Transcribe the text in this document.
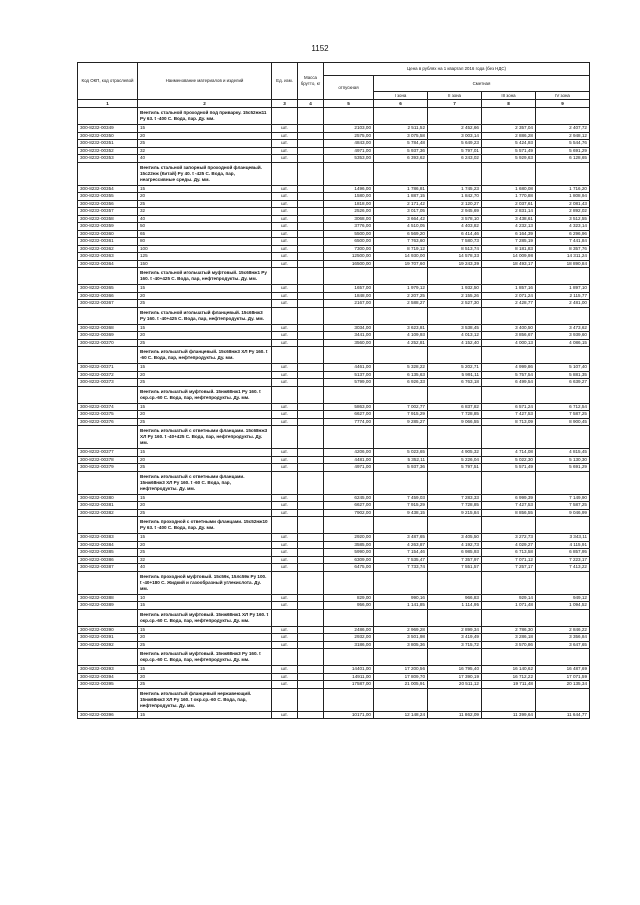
1152
Код ОКП, код отраслевой	Наименование материалов и изделий	Ед. изм.	Масса брутто, кг	Цена в рублях на 1 квартал 2016 года (без НДС)				
				отпускная	Сметная			
					I зона	II зона	III зона	IV зона
1	2	3	4	5	6	7	8	9
	Вентиль стальной проходной под приварку. 15с52нж11 Ру 63. t -400 С. Вода, пар. Ду. мм.							
300-8232-00349	15	шт.		2103,00	2 511,52	2 452,66	2 357,04	2 407,72
300-8232-00350	20	шт.		2575,00	3 075,58	3 003,14	2 886,28	2 948,12
300-8232-00351	25	шт.		4843,00	5 784,48	5 649,23	5 424,93	5 544,76
300-8232-00352	32	шт.		4971,00	5 937,36	5 797,01	5 571,49	5 691,29
300-8232-00353	40	шт.		5353,00	6 393,62	6 243,02	5 929,63	6 128,65
	Вентиль стальной запорный проходной фланцевый. 15с22нж (Китай) Ру 40. t -425 С. Вода, пар, неагрессивные среды. Ду. мм.							
300-8232-00354	15	шт.		1496,00	1 786,81	1 745,23	1 680,08	1 716,20
300-8232-00355	20	шт.		1580,00	1 887,15	1 842,70	1 770,88	1 808,94
300-8232-00356	25	шт.		1818,00	2 171,42	2 120,27	2 037,61	2 081,43
300-8232-00357	32	шт.		2526,00	3 017,05	2 945,69	2 831,14	2 892,02
300-8232-00358	40	шт.		3068,00	3 664,42	3 578,10	3 438,61	3 512,55
300-8232-00359	50	шт.		3776,00	4 510,05	4 403,82	4 232,13	4 323,14
300-8232-00360	65	шт.		5500,00	6 569,20	6 414,46	6 164,39	6 296,96
300-8232-00361	80	шт.		6500,00	7 763,60	7 580,73	7 285,19	7 441,84
300-8232-00362	100	шт.		7300,00	8 719,12	8 513,74	8 181,83	8 357,76
300-8232-00363	125	шт.		12500,00	14 930,00	14 578,33	14 009,98	14 311,24
300-8232-00364	150	шт.		16500,00	19 707,60	19 243,39	18 493,17	18 890,84
	Вентиль стальной игольчатый муфтовый. 15с68нж1 Ру 160. t -40+425 С. Вода, пар, нефтепродукты. Ду. мм.							
300-8232-00365	15	шт.		1657,00	1 979,12	1 932,50	1 857,16	1 897,10
300-8232-00366	20	шт.		1848,00	2 207,25	2 155,26	2 071,24	2 115,77
300-8232-00367	25	шт.		2167,00	2 588,27	2 527,30	2 428,77	2 481,00
	Вентиль стальной игольчатый фланцевый. 15с68нж3 Ру 160. t -40+425 С. Вода, пар, нефтепродукты. Ду. мм.							
300-8232-00368	15	шт.		3034,00	3 623,81	3 538,45	3 400,50	3 473,62
300-8232-00369	20	шт.		3441,00	4 109,93	4 013,12	3 856,67	3 939,60
300-8232-00370	25	шт.		3560,00	4 252,81	4 152,40	4 000,13	4 086,15
	Вентиль игольчатый фланцевый. 15с68нж3 ХЛ Ру 160. t -60 С. Вода, пар, нефтепродукты. Ду. мм.							
300-8232-00371	15	шт.		4461,00	5 328,22	5 202,71	4 999,86	5 107,40
300-8232-00372	20	шт.		5137,00	6 135,63	5 991,11	5 757,54	5 881,35
300-8232-00373	25	шт.		5799,00	6 926,33	6 763,18	6 499,54	6 639,27
	Вентиль игольчатый муфтовый. 15нж68нж1 Ру 160. t окр.ср.-60 С. Вода, пар, нефтепродукты. Ду. мм.							
300-8232-00374	15	шт.		5863,00	7 002,77	6 837,82	6 571,24	6 712,54
300-8232-00375	20	шт.		6627,00	7 915,29	7 728,85	7 427,53	7 587,25
300-8232-00376	25	шт.		7774,00	9 285,27	9 066,55	8 713,09	8 900,45
	Вентиль игольчатый с ответными фланцами. 15с68нж3 ХЛ Ру 160. t -40+425 С. Вода, пар, нефтепродукты. Ду. мм.							
300-8232-00377	15	шт.		4206,00	5 023,65	4 905,32	4 714,08	4 815,45
300-8232-00378	20	шт.		4481,00	5 352,11	5 226,04	5 022,30	5 130,30
300-8232-00379	25	шт.		4971,00	5 937,36	5 797,51	5 571,49	5 691,29
	Вентиль игольчатый с ответными фланцами. 15нж68нж3 ХЛ Ру 160. t -60 С. Вода, пар, нефтепродукты. Ду. мм.							
300-8232-00380	15	шт.		6245,00	7 459,03	7 283,33	6 999,39	7 149,90
300-8232-00381	20	шт.		6627,00	7 915,29	7 728,85	7 427,53	7 587,25
300-8232-00382	25	шт.		7902,00	9 438,15	9 215,84	8 856,55	9 046,99
	Вентиль проходной с ответными фланцами. 15с52нж10 Ру 63. t -400 С. Вода, пар. Ду. мм.							
300-8232-00383	15	шт.		2920,00	3 487,65	3 405,50	3 272,73	3 343,11
300-8232-00384	20	шт.		3585,00	4 263,87	4 192,73	4 029,27	4 115,91
300-8232-00385	25	шт.		5990,00	7 154,46	6 985,93	6 713,58	6 857,95
300-8232-00386	32	шт.		6309,00	7 535,47	7 357,97	7 071,12	7 223,17
300-8232-00387	40	шт.		6475,00	7 733,74	7 551,57	7 257,17	7 413,22
	Вентиль проходной муфтовый. 15с59к, 15лс59к Ру 100. t -40+180 С. Жидкий и газообразный углекислота. Ду. мм.							
300-8232-00388	10	шт.		829,00	990,16	966,83	929,14	949,12
300-8232-00389	15	шт.		956,00	1 141,85	1 114,95	1 071,48	1 094,52
	Вентиль игольчатый муфтовый. 15нж68нж1 ХЛ Ру 160. t окр.ср.-60 С. Вода, пар, нефтепродукты. Ду. мм.							
300-8232-00390	15	шт.		2486,00	2 969,28	2 899,34	2 786,30	2 846,22
300-8232-00391	20	шт.		2932,00	3 501,98	3 419,49	3 286,18	3 356,84
300-8232-00392	25	шт.		3186,00	3 805,36	3 715,72	3 570,86	3 647,65
	Вентиль игольчатый муфтовый. 15нж68нж3 Ру 160. t окр.ср.-60 С. Вода, пар, нефтепродукты. Ду. мм.							
300-8232-00393	15	шт.		14401,00	17 200,56	16 795,40	16 140,62	16 487,69
300-8232-00394	20	шт.		14911,00	17 809,70	17 390,19	16 712,22	17 071,59
300-8232-00395	25	шт.		17587,00	21 005,91	20 511,12	19 711,48	20 135,34
	Вентиль игольчатый фланцевый нержавеющий. 15нж68нж3 ХЛ Ру 160. t окр.ср.-60 С. Вода, пар, нефтепродукты. Ду. мм.							
300-8232-00396	15	шт.		10171,00	12 148,24	11 862,09	11 399,64	11 644,77
